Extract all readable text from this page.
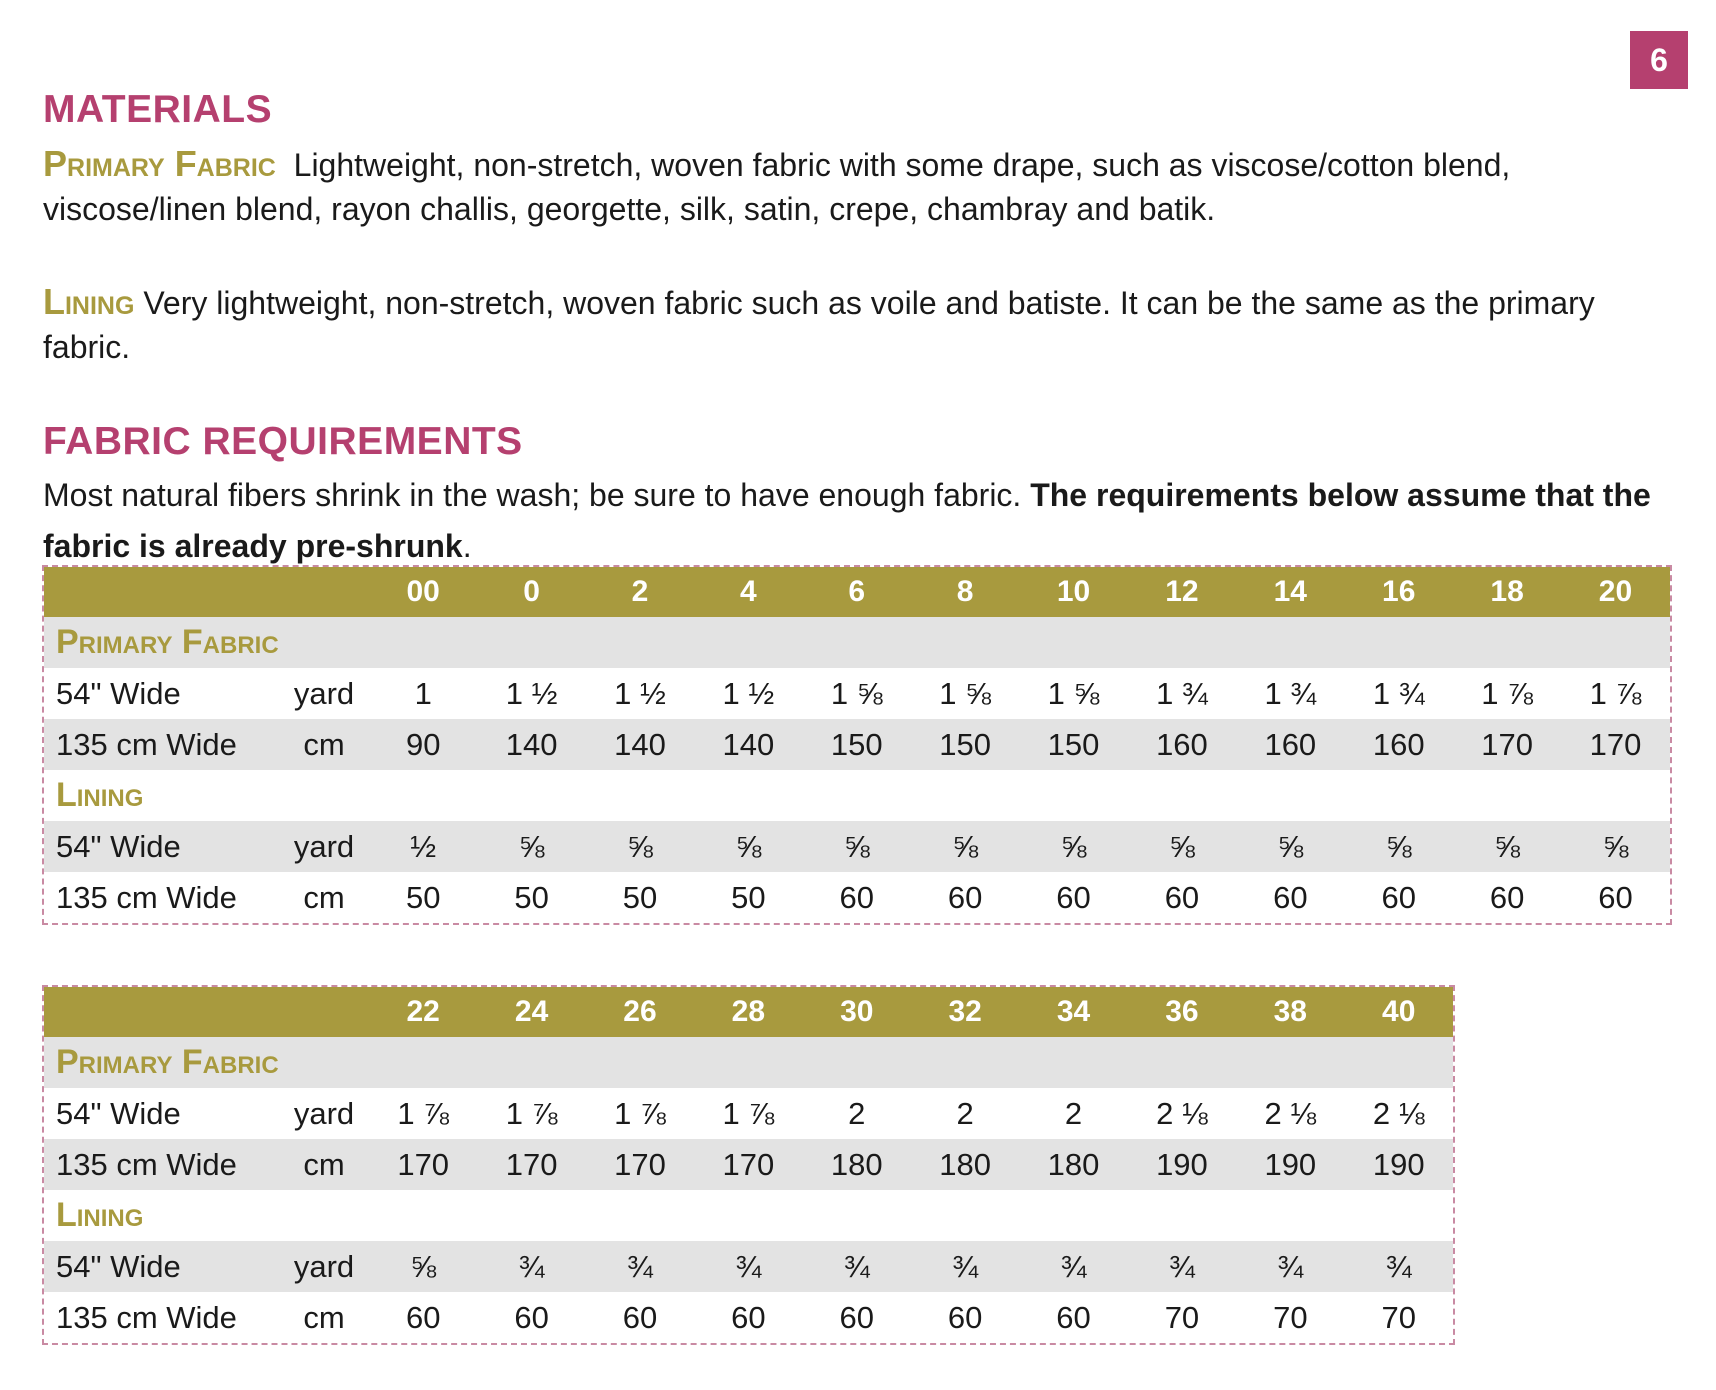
6
MATERIALS

Primary Fabric Lightweight, non-stretch, woven fabric with some drape, such as viscose/cotton blend, viscose/linen blend, rayon challis, georgette, silk, satin, crepe, chambray and batik.

Lining Very lightweight, non-stretch, woven fabric such as voile and batiste. It can be the same as the primary fabric.

FABRIC REQUIREMENTS

Most natural fibers shrink in the wash; be sure to have enough fabric. The requirements below assume that the fabric is already pre-shrunk.

		00	0	2	4	6	8	10	12	14	16	18	20
Primary Fabric													
54" Wide	yard	1	1 ½	1 ½	1 ½	1 ⅝	1 ⅝	1 ⅝	1 ¾	1 ¾	1 ¾	1 ⅞	1 ⅞
135 cm Wide	cm	90	140	140	140	150	150	150	160	160	160	170	170
Lining													
54" Wide	yard	½	⅝	⅝	⅝	⅝	⅝	⅝	⅝	⅝	⅝	⅝	⅝
135 cm Wide	cm	50	50	50	50	60	60	60	60	60	60	60	60
		22	24	26	28	30	32	34	36	38	40
Primary Fabric											
54" Wide	yard	1 ⅞	1 ⅞	1 ⅞	1 ⅞	2	2	2	2 ⅛	2 ⅛	2 ⅛
135 cm Wide	cm	170	170	170	170	180	180	180	190	190	190
Lining											
54" Wide	yard	⅝	¾	¾	¾	¾	¾	¾	¾	¾	¾
135 cm Wide	cm	60	60	60	60	60	60	60	70	70	70
